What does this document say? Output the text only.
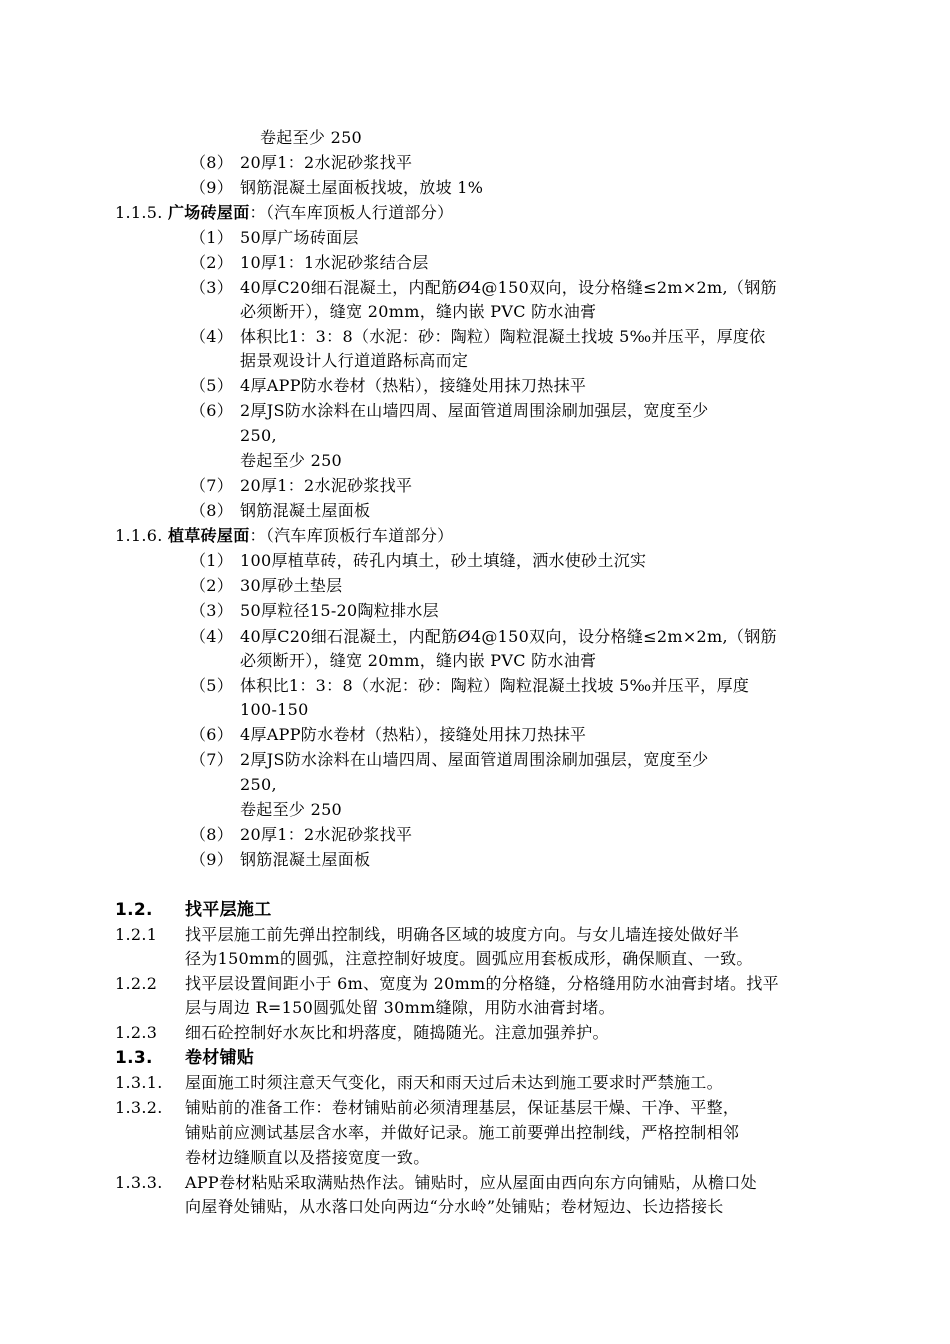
卷起至少 250
（8） 20厚1：2水泥砂浆找平
（9） 钢筋混凝土屋面板找坡，放坡 1%
1.1.5. 广场砖屋面：（汽车库顶板人行道部分）
（1） 50厚广场砖面层
（2） 10厚1：1水泥砂浆结合层
（3） 40厚C20细石混凝土，内配筋Ø4@150双向，设分格缝≤2m×2m,（钢筋
必须断开），缝宽 20mm，缝内嵌 PVC 防水油膏
（4） 体积比1：3：8（水泥：砂：陶粒）陶粒混凝土找坡 5‰并压平，厚度依
据景观设计人行道道路标高而定
（5） 4厚APP防水卷材（热粘），接缝处用抹刀热抹平
（6） 2厚JS防水涂料在山墙四周、屋面管道周围涂刷加强层，宽度至少
250,
卷起至少 250
（7） 20厚1：2水泥砂浆找平
（8） 钢筋混凝土屋面板
1.1.6. 植草砖屋面：（汽车库顶板行车道部分）
（1） 100厚植草砖，砖孔内填土，砂土填缝，洒水使砂土沉实
（2） 30厚砂土垫层
（3） 50厚粒径15-20陶粒排水层
（4） 40厚C20细石混凝土，内配筋Ø4@150双向，设分格缝≤2m×2m,（钢筋
必须断开），缝宽 20mm，缝内嵌 PVC 防水油膏
（5） 体积比1：3：8（水泥：砂：陶粒）陶粒混凝土找坡 5‰并压平，厚度
100-150
（6） 4厚APP防水卷材（热粘），接缝处用抹刀热抹平
（7） 2厚JS防水涂料在山墙四周、屋面管道周围涂刷加强层，宽度至少
250,
卷起至少 250
（8） 20厚1：2水泥砂浆找平
（9） 钢筋混凝土屋面板
1.2. 找平层施工
1.2.1 找平层施工前先弹出控制线，明确各区域的坡度方向。与女儿墙连接处做好半
径为150mm的圆弧，注意控制好坡度。圆弧应用套板成形，确保顺直、一致。
1.2.2 找平层设置间距小于 6m、宽度为 20mm的分格缝，分格缝用防水油膏封堵。找平
层与周边 R=150圆弧处留 30mm缝隙，用防水油膏封堵。
1.2.3 细石砼控制好水灰比和坍落度，随捣随光。注意加强养护。
1.3. 卷材铺贴
1.3.1. 屋面施工时须注意天气变化，雨天和雨天过后未达到施工要求时严禁施工。
1.3.2. 铺贴前的准备工作：卷材铺贴前必须清理基层，保证基层干燥、干净、平整，
铺贴前应测试基层含水率，并做好记录。施工前要弹出控制线，严格控制相邻
卷材边缝顺直以及搭接宽度一致。
1.3.3. APP卷材粘贴采取满贴热作法。铺贴时，应从屋面由西向东方向铺贴，从檐口处
向屋脊处铺贴，从水落口处向两边“分水岭”处铺贴；卷材短边、长边搭接长
